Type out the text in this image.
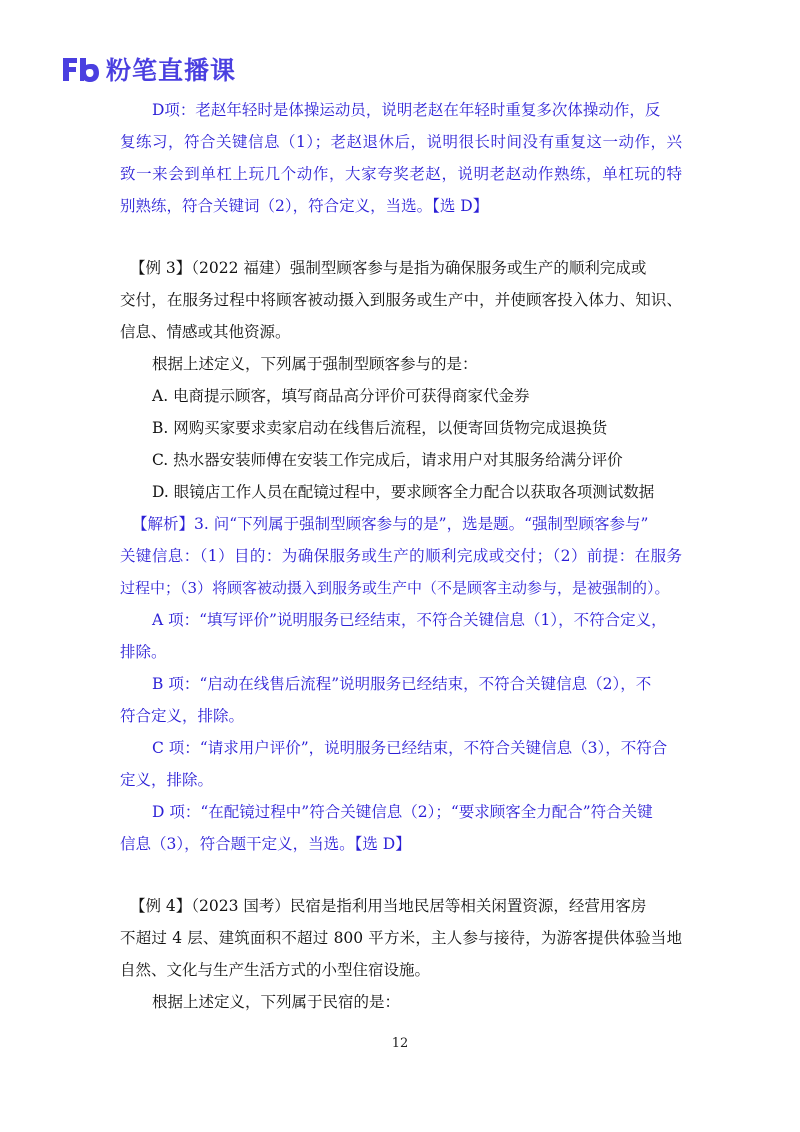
粉笔直播课
D项：老赵年轻时是体操运动员，说明老赵在年轻时重复多次体操动作，反
复练习，符合关键信息（1）；老赵退休后，说明很长时间没有重复这一动作，兴
致一来会到单杠上玩几个动作，大家夸奖老赵，说明老赵动作熟练，单杠玩的特
别熟练，符合关键词（2），符合定义，当选。【选 D】
【例 3】（2022 福建）强制型顾客参与是指为确保服务或生产的顺利完成或
交付，在服务过程中将顾客被动摄入到服务或生产中，并使顾客投入体力、知识、
信息、情感或其他资源。
根据上述定义，下列属于强制型顾客参与的是：
A. 电商提示顾客，填写商品高分评价可获得商家代金券
B. 网购买家要求卖家启动在线售后流程，以便寄回货物完成退换货
C. 热水器安装师傅在安装工作完成后，请求用户对其服务给满分评价
D. 眼镜店工作人员在配镜过程中，要求顾客全力配合以获取各项测试数据
【解析】3. 问“下列属于强制型顾客参与的是”，选是题。“强制型顾客参与”
关键信息：（1）目的：为确保服务或生产的顺利完成或交付；（2）前提：在服务
过程中；（3）将顾客被动摄入到服务或生产中（不是顾客主动参与，是被强制的）。
A 项：“填写评价”说明服务已经结束，不符合关键信息（1），不符合定义，
排除。
B 项：“启动在线售后流程”说明服务已经结束，不符合关键信息（2），不
符合定义，排除。
C 项：“请求用户评价”，说明服务已经结束，不符合关键信息（3），不符合
定义，排除。
D 项：“在配镜过程中”符合关键信息（2）；“要求顾客全力配合”符合关键
信息（3），符合题干定义，当选。【选 D】
【例 4】（2023 国考）民宿是指利用当地民居等相关闲置资源，经营用客房
不超过 4 层、建筑面积不超过 800 平方米，主人参与接待，为游客提供体验当地
自然、文化与生产生活方式的小型住宿设施。
根据上述定义，下列属于民宿的是：
12
